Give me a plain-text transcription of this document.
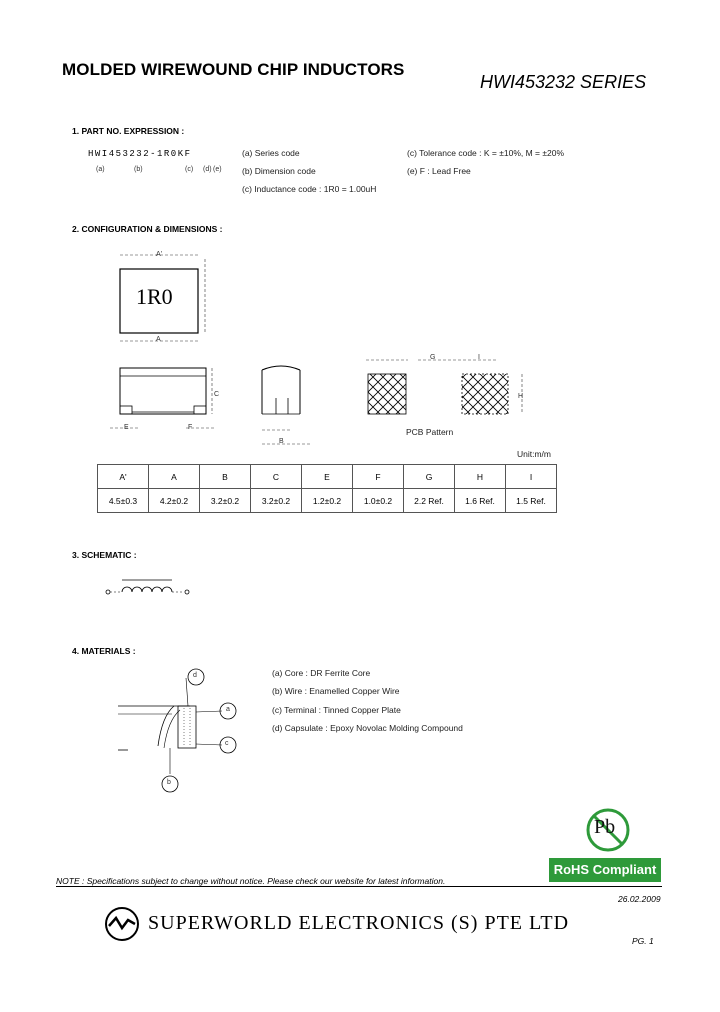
MOLDED WIREWOUND CHIP INDUCTORS
HWI453232 SERIES
1. PART NO. EXPRESSION :
HWI453232-1R0KF
(a)	(b)	(c) (d) (e)
(a) Series code
(b) Dimension code
(c) Inductance code : 1R0 = 1.00uH
(c) Tolerance code : K = ±10%, M = ±20%
(e) F : Lead Free
2. CONFIGURATION & DIMENSIONS :
A'
1R0
A
E	F
C
B
G	I
H
PCB Pattern
Unit:m/m
A'	A	B	C	E	F	G	H	I
4.5±0.3	4.2±0.2	3.2±0.2	3.2±0.2	1.2±0.2	1.0±0.2	2.2 Ref.	1.6 Ref.	1.5 Ref.
3. SCHEMATIC :
4. MATERIALS :
d
a
c
b
(a) Core : DR Ferrite Core
(b) Wire : Enamelled Copper Wire
(c) Terminal : Tinned Copper Plate
(d) Capsulate : Epoxy Novolac Molding Compound
Pb
RoHS Compliant
NOTE : Specifications subject to change without notice. Please check our website for latest information.
26.02.2009
SUPERWORLD ELECTRONICS (S) PTE LTD
PG. 1
